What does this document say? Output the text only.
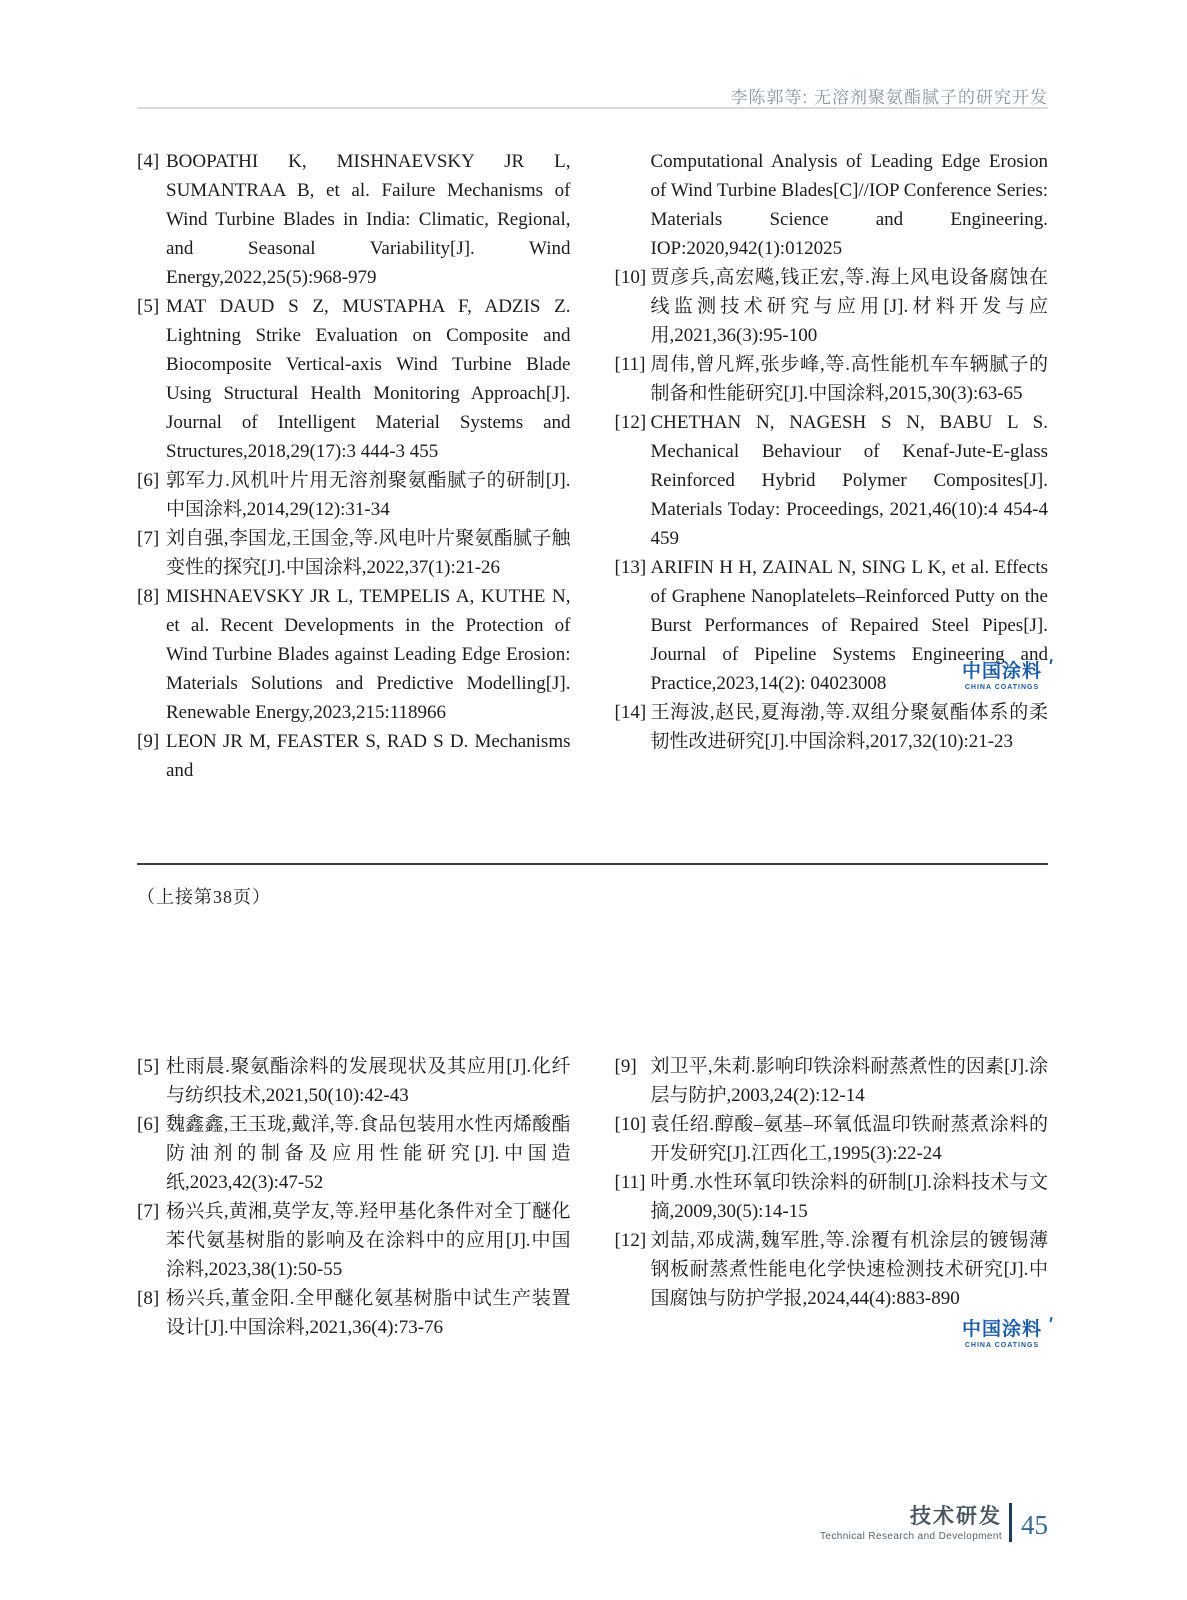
李陈郭等: 无溶剂聚氨酯腻子的研究开发
[4] BOOPATHI K, MISHNAEVSKY JR L, SUMANTRAA B, et al. Failure Mechanisms of Wind Turbine Blades in India: Climatic, Regional, and Seasonal Variability[J]. Wind Energy,2022,25(5):968-979
[5] MAT DAUD S Z, MUSTAPHA F, ADZIS Z. Lightning Strike Evaluation on Composite and Biocomposite Vertical-axis Wind Turbine Blade Using Structural Health Monitoring Approach[J]. Journal of Intelligent Material Systems and Structures,2018,29(17):3 444-3 455
[6] 郭军力.风机叶片用无溶剂聚氨酯腻子的研制[J].中国涂料,2014,29(12):31-34
[7] 刘自强,李国龙,王国金,等.风电叶片聚氨酯腻子触变性的探究[J].中国涂料,2022,37(1):21-26
[8] MISHNAEVSKY JR L, TEMPELIS A, KUTHE N, et al. Recent Developments in the Protection of Wind Turbine Blades against Leading Edge Erosion: Materials Solutions and Predictive Modelling[J]. Renewable Energy,2023,215:118966
[9] LEON JR M, FEASTER S, RAD S D. Mechanisms and
Computational Analysis of Leading Edge Erosion of Wind Turbine Blades[C]//IOP Conference Series: Materials Science and Engineering. IOP:2020,942(1):012025
[10] 贾彦兵,高宏飚,钱正宏,等.海上风电设备腐蚀在线监测技术研究与应用[J].材料开发与应用,2021,36(3):95-100
[11] 周伟,曾凡辉,张步峰,等.高性能机车车辆腻子的制备和性能研究[J].中国涂料,2015,30(3):63-65
[12] CHETHAN N, NAGESH S N, BABU L S. Mechanical Behaviour of Kenaf-Jute-E-glass Reinforced Hybrid Polymer Composites[J]. Materials Today: Proceedings, 2021,46(10):4 454-4 459
[13] ARIFIN H H, ZAINAL N, SING L K, et al. Effects of Graphene Nanoplatelets–Reinforced Putty on the Burst Performances of Repaired Steel Pipes[J]. Journal of Pipeline Systems Engineering and Practice,2023,14(2): 04023008
[14] 王海波,赵民,夏海渤,等.双组分聚氨酯体系的柔韧性改进研究[J].中国涂料,2017,32(10):21-23
中国涂料
CHINA COATINGS
（上接第38页）
[5] 杜雨晨.聚氨酯涂料的发展现状及其应用[J].化纤与纺织技术,2021,50(10):42-43
[6] 魏鑫鑫,王玉珑,戴洋,等.食品包装用水性丙烯酸酯防油剂的制备及应用性能研究[J].中国造纸,2023,42(3):47-52
[7] 杨兴兵,黄湘,莫学友,等.羟甲基化条件对全丁醚化苯代氨基树脂的影响及在涂料中的应用[J].中国涂料,2023,38(1):50-55
[8] 杨兴兵,董金阳.全甲醚化氨基树脂中试生产装置设计[J].中国涂料,2021,36(4):73-76
[9] 刘卫平,朱莉.影响印铁涂料耐蒸煮性的因素[J].涂层与防护,2003,24(2):12-14
[10] 袁任绍.醇酸–氨基–环氧低温印铁耐蒸煮涂料的开发研究[J].江西化工,1995(3):22-24
[11] 叶勇.水性环氧印铁涂料的研制[J].涂料技术与文摘,2009,30(5):14-15
[12] 刘喆,邓成满,魏军胜,等.涂覆有机涂层的镀锡薄钢板耐蒸煮性能电化学快速检测技术研究[J].中国腐蚀与防护学报,2024,44(4):883-890
中国涂料
CHINA COATINGS
技术研发
Technical Research and Development 45
